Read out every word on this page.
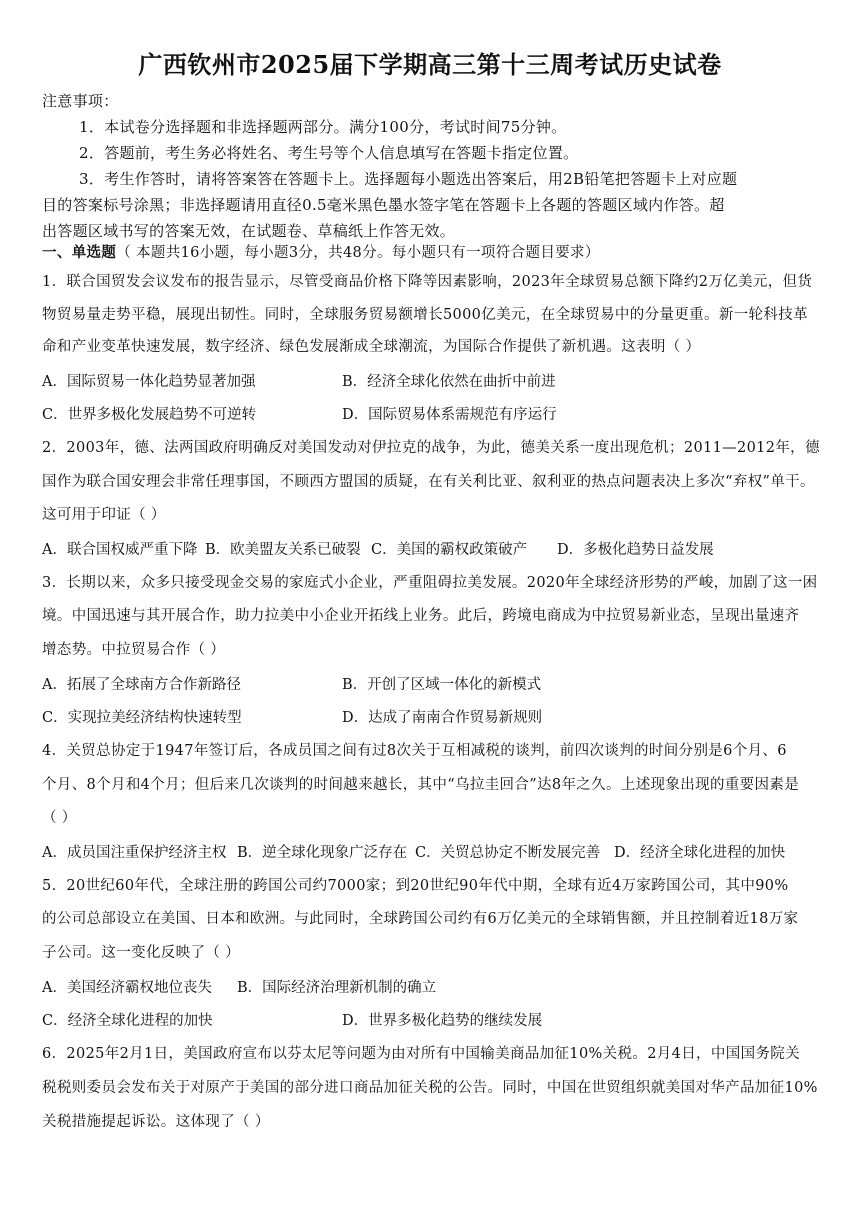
广西钦州市2025届下学期高三第十三周考试历史试卷
注意事项：
1．本试卷分选择题和非选择题两部分。满分100分，考试时间75分钟。
2．答题前，考生务必将姓名、考生号等个人信息填写在答题卡指定位置。
3．考生作答时，请将答案答在答题卡上。选择题每小题选出答案后，用2B铅笔把答题卡上对应题
目的答案标号涂黑；非选择题请用直径0.5毫米黑色墨水签字笔在答题卡上各题的答题区域内作答。超
出答题区域书写的答案无效，在试题卷、草稿纸上作答无效。
一、单选题（ 本题共16小题，每小题3分，共48分。每小题只有一项符合题目要求）
1．联合国贸发会议发布的报告显示，尽管受商品价格下降等因素影响，2023年全球贸易总额下降约2万亿美元，但货
物贸易量走势平稳，展现出韧性。同时，全球服务贸易额增长5000亿美元，在全球贸易中的分量更重。新一轮科技革
命和产业变革快速发展，数字经济、绿色发展渐成全球潮流，为国际合作提供了新机遇。这表明（ ）
A．国际贸易一体化趋势显著加强	B．经济全球化依然在曲折中前进
C．世界多极化发展趋势不可逆转	D．国际贸易体系需规范有序运行
2．2003年，德、法两国政府明确反对美国发动对伊拉克的战争，为此，德美关系一度出现危机；2011—2012年，德
国作为联合国安理会非常任理事国，不顾西方盟国的质疑，在有关利比亚、叙利亚的热点问题表决上多次“弃权”单干。
这可用于印证（ ）
A．联合国权威严重下降 B．欧美盟友关系已破裂 C．美国的霸权政策破产 D．多极化趋势日益发展
3．长期以来，众多只接受现金交易的家庭式小企业，严重阻碍拉美发展。2020年全球经济形势的严峻，加剧了这一困
境。中国迅速与其开展合作，助力拉美中小企业开拓线上业务。此后，跨境电商成为中拉贸易新业态，呈现出量速齐
增态势。中拉贸易合作（ ）
A．拓展了全球南方合作新路径	B．开创了区域一体化的新模式
C．实现拉美经济结构快速转型	D．达成了南南合作贸易新规则
4．关贸总协定于1947年签订后，各成员国之间有过8次关于互相减税的谈判，前四次谈判的时间分别是6个月、6
个月、8个月和4个月；但后来几次谈判的时间越来越长，其中“乌拉圭回合”达8年之久。上述现象出现的重要因素是
（ ）
A．成员国注重保护经济主权 B．逆全球化现象广泛存在 C．关贸总协定不断发展完善 D．经济全球化进程的加快
5．20世纪60年代，全球注册的跨国公司约7000家；到20世纪90年代中期，全球有近4万家跨国公司，其中90%
的公司总部设立在美国、日本和欧洲。与此同时，全球跨国公司约有6万亿美元的全球销售额，并且控制着近18万家
子公司。这一变化反映了（ ）
A．美国经济霸权地位丧失 B．国际经济治理新机制的确立
C．经济全球化进程的加快	D．世界多极化趋势的继续发展
6．2025年2月1日，美国政府宣布以芬太尼等问题为由对所有中国输美商品加征10%关税。2月4日，中国国务院关
税税则委员会发布关于对原产于美国的部分进口商品加征关税的公告。同时，中国在世贸组织就美国对华产品加征10%
关税措施提起诉讼。这体现了（ ）
